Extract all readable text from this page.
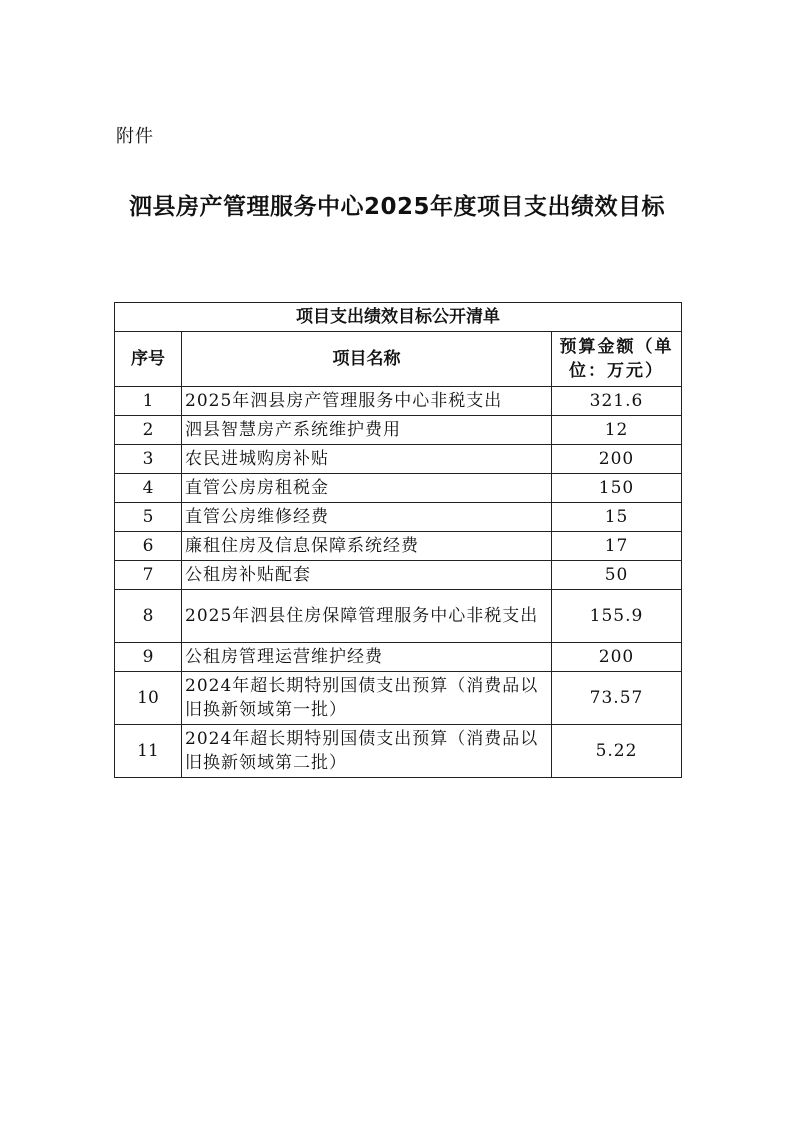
附件
泗县房产管理服务中心2025年度项目支出绩效目标
项目支出绩效目标公开清单		
序号	项目名称	预算金额（单位：万元）
1	2025年泗县房产管理服务中心非税支出	321.6
2	泗县智慧房产系统维护费用	12
3	农民进城购房补贴	200
4	直管公房房租税金	150
5	直管公房维修经费	15
6	廉租住房及信息保障系统经费	17
7	公租房补贴配套	50
8	2025年泗县住房保障管理服务中心非税支出	155.9
9	公租房管理运营维护经费	200
10	2024年超长期特别国债支出预算（消费品以旧换新领域第一批）	73.57
11	2024年超长期特别国债支出预算（消费品以旧换新领域第二批）	5.22
